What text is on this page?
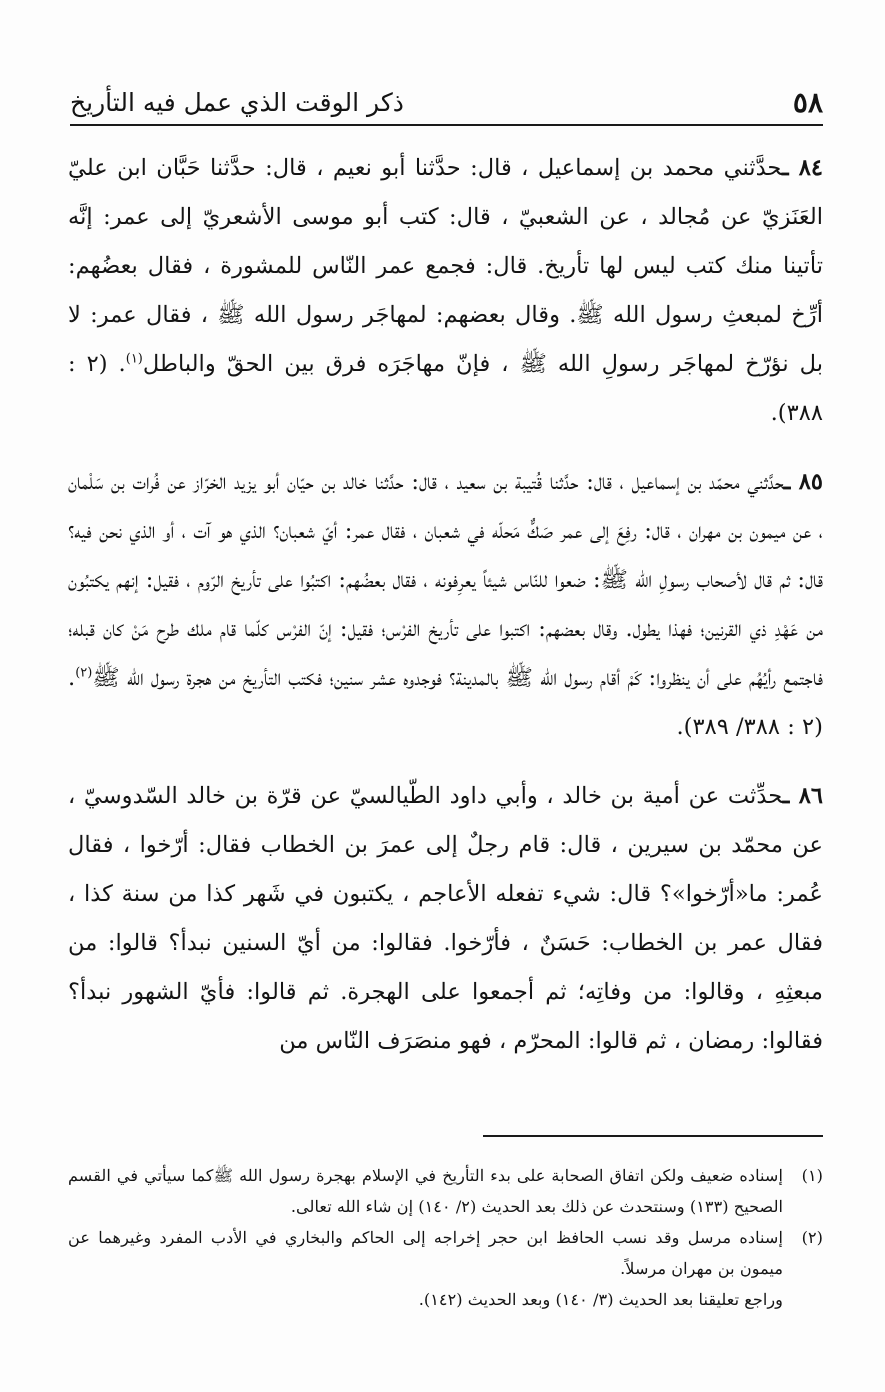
٥٨
ذكر الوقت الذي عمل فيه التأريخ

٨٤ ـحدَّثني محمد بن إسماعيل ، قال: حدَّثنا أبو نعيم ، قال: حدَّثنا حَبَّان ابن عليّ العَنَزيّ عن مُجالد ، عن الشعبيّ ، قال: كتب أبو موسى الأشعريّ إلى عمر: إنَّه تأتينا منك كتب ليس لها تأريخ. قال: فجمع عمر النّاس للمشورة ، فقال بعضُهم: أرِّخ لمبعثِ رسول الله ﷺ. وقال بعضهم: لمهاجَر رسول الله ﷺ ، فقال عمر: لا بل نؤرّخ لمهاجَر رسولِ الله ﷺ ، فإنّ مهاجَرَه فرق بين الحقّ والباطل$^{(١)}$. (٢ : ٣٨٨).

٨٥ ـحدَّثني محمّد بن إسماعيل ، قال: حدَّثنا قُتيبة بن سعيد ، قال: حدَّثنا خالد بن حيّان أبو يزيد الخرّاز عن فُرات بن سَلْمان ، عن ميمون بن مهران ، قال: رفِعَ إلى عمر صَكٌّ مَحلّه في شعبان ، فقال عمر: أيّ شعبان؟ الذي هو آت ، أو الذي نحن فيه؟ قال: ثم قال لأصحاب رسولِ الله ﷺ: ضعوا للنّاس شيئاً يعرِفونه ، فقال بعضُهم: اكتبُوا على تأريخ الرّوم ، فقيل: إنهم يكتبُون من عَهْدِ ذي القرنين؛ فهذا يطول. وقال بعضهم: اكتبوا على تأريخ الفرْس؛ فقيل: إنّ الفرْس كلّما قام ملك طرح مَنْ كان قبله؛ فاجتمع رأيُهُم على أن ينظروا: كَمْ أقام رسول الله ﷺ بالمدينة؟ فوجدوه عشر سنين؛ فكتب التأريخ من هجرة رسول الله ﷺ$^{(٢)}$. (٢ : ٣٨٨/ ٣٨٩).

٨٦ ـحدِّثت عن أمية بن خالد ، وأبي داود الطّيالسيّ عن قرّة بن خالد السّدوسيّ ، عن محمّد بن سيرين ، قال: قام رجلٌ إلى عمرَ بن الخطاب فقال: أرّخوا ، فقال عُمر: ما«أرّخوا»؟ قال: شيء تفعله الأعاجم ، يكتبون في شَهر كذا من سنة كذا ، فقال عمر بن الخطاب: حَسَنٌ ، فأرّخوا. فقالوا: من أيّ السنين نبدأ؟ قالوا: من مبعثِهِ ، وقالوا: من وفاتِه؛ ثم أجمعوا على الهجرة. ثم قالوا: فأيّ الشهور نبدأ؟ فقالوا: رمضان ، ثم قالوا: المحرّم ، فهو منصَرَف النّاس من

(١)
إسناده ضعيف ولكن اتفاق الصحابة على بدء التأريخ في الإسلام بهجرة رسول الله ﷺكما سيأتي في القسم الصحيح (١٣٣) وسنتحدث عن ذلك بعد الحديث (٢/ ١٤٠) إن شاء الله تعالى.
(٢)
إسناده مرسل وقد نسب الحافظ ابن حجر إخراجه إلى الحاكم والبخاري في الأدب المفرد وغيرهما عن ميمون بن مهران مرسلاً.
وراجع تعليقنا بعد الحديث (٣/ ١٤٠) وبعد الحديث (١٤٢).
